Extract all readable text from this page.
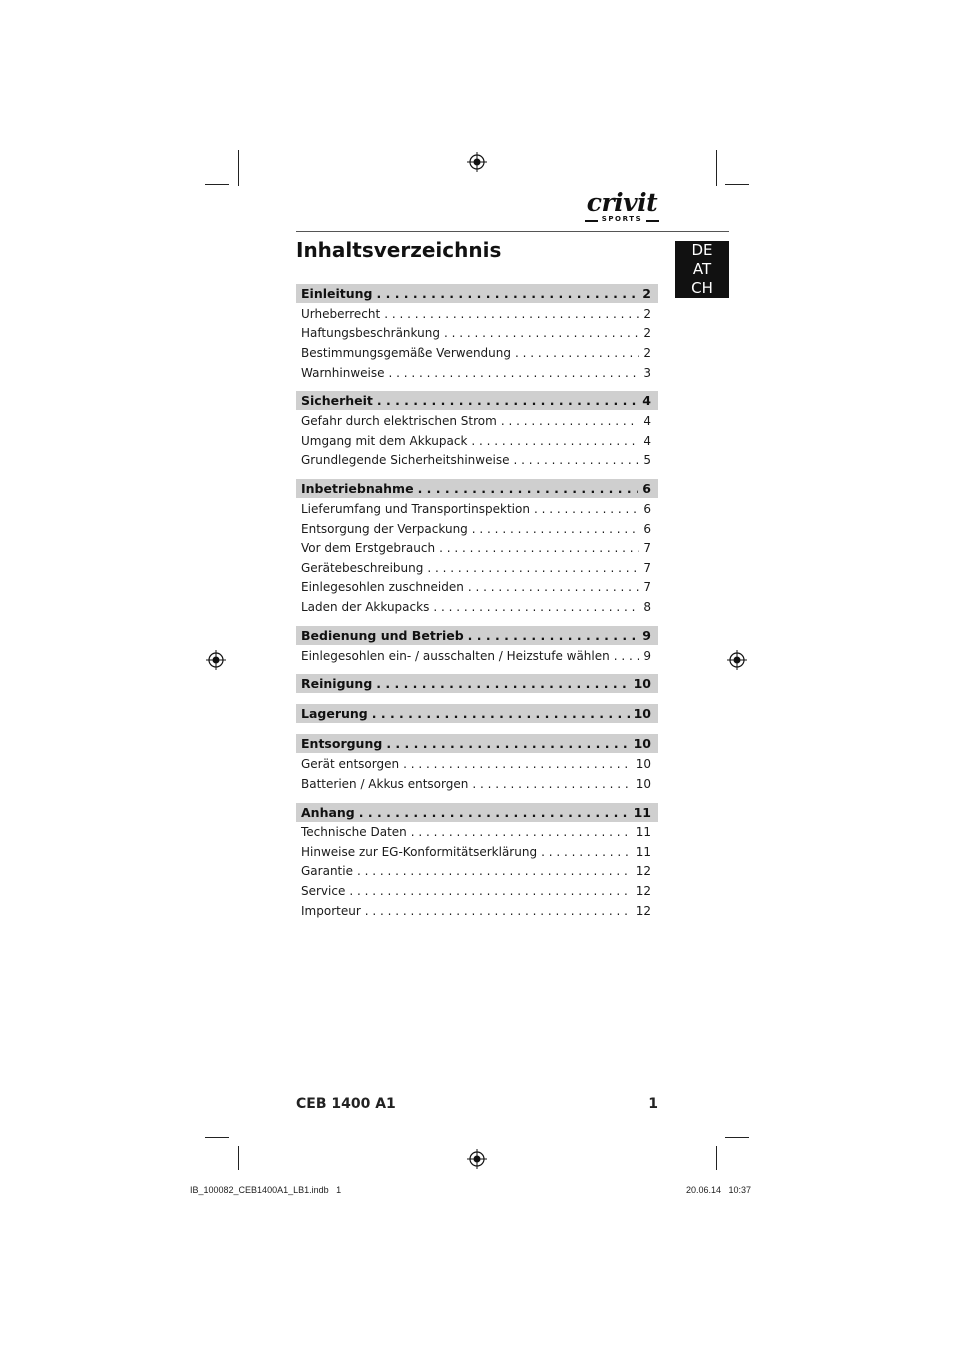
crivit
SPORTS
Inhaltsverzeichnis	DE
AT
CH
Einleitung . . .	2
Urheberrecht . . .	2
Haftungsbeschränkung . . .	2
Bestimmungsgemäße Verwendung . . .	2
Warnhinweise . . .	3
Sicherheit . . .	4
Gefahr durch elektrischen Strom . . .	4
Umgang mit dem Akkupack . . .	4
Grundlegende Sicherheitshinweise . . .	5
Inbetriebnahme . . .	6
Lieferumfang und Transportinspektion . . .	6
Entsorgung der Verpackung . . .	6
Vor dem Erstgebrauch . . .	7
Gerätebeschreibung . . .	7
Einlegesohlen zuschneiden . . .	7
Laden der Akkupacks . . .	8
Bedienung und Betrieb . . .	9
Einlegesohlen ein- / ausschalten / Heizstufe wählen . . .	9
Reinigung . . .	10
Lagerung . . .	10
Entsorgung . . .	10
Gerät entsorgen . . .	10
Batterien / Akkus entsorgen . . .	10
Anhang . . .	11
Technische Daten . . .	11
Hinweise zur EG-Konformitätserklärung . . .	11
Garantie . . .	12
Service . . .	12
Importeur . . .	12
CEB 1400 A1	1
IB_100082_CEB1400A1_LB1.indb   1	20.06.14   10:37
